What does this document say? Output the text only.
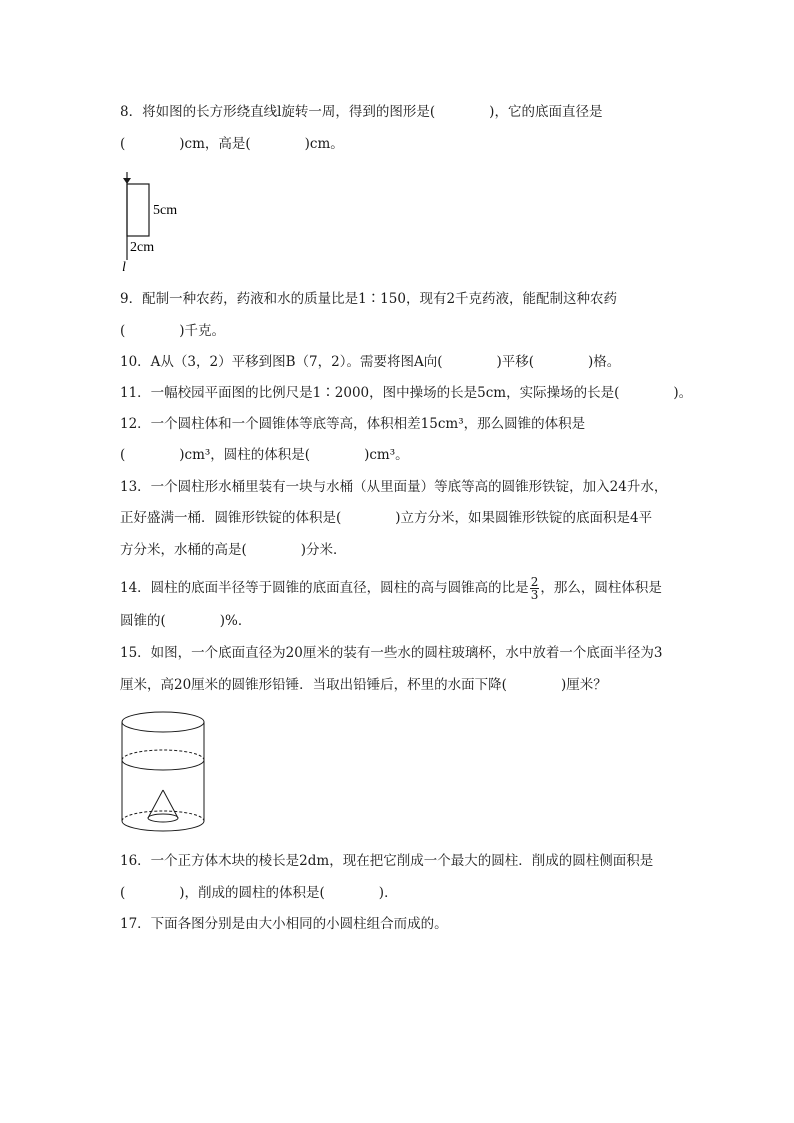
8．将如图的长方形绕直线l旋转一周，得到的图形是(　　　　)，它的底面直径是
(　　　　)cm，高是(　　　　)cm。
5cm
2cm
l
9．配制一种农药，药液和水的质量比是1∶150，现有2千克药液，能配制这种农药
(　　　　)千克。
10．A从（3，2）平移到图B（7，2）。需要将图A向(　　　　)平移(　　　　)格。
11．一幅校园平面图的比例尺是1∶2000，图中操场的长是5cm，实际操场的长是(　　　　)。
12．一个圆柱体和一个圆锥体等底等高，体积相差15cm³，那么圆锥的体积是
(　　　　)cm³，圆柱的体积是(　　　　)cm³。
13．一个圆柱形水桶里装有一块与水桶（从里面量）等底等高的圆锥形铁锭，加入24升水，
正好盛满一桶．圆锥形铁锭的体积是(　　　　)立方分米，如果圆锥形铁锭的底面积是4平
方分米，水桶的高是(　　　　)分米．
14．圆柱的底面半径等于圆锥的底面直径，圆柱的高与圆锥高的比是 $\frac{2}{3}$ ，那么，圆柱体积是
圆锥的(　　　　)%．
15．如图，一个底面直径为20厘米的装有一些水的圆柱玻璃杯，水中放着一个底面半径为3
厘米，高20厘米的圆锥形铅锤．当取出铅锤后，杯里的水面下降(　　　　)厘米？
16．一个正方体木块的棱长是2dm，现在把它削成一个最大的圆柱．削成的圆柱侧面积是
(　　　　)，削成的圆柱的体积是(　　　　)．
17．下面各图分别是由大小相同的小圆柱组合而成的。
